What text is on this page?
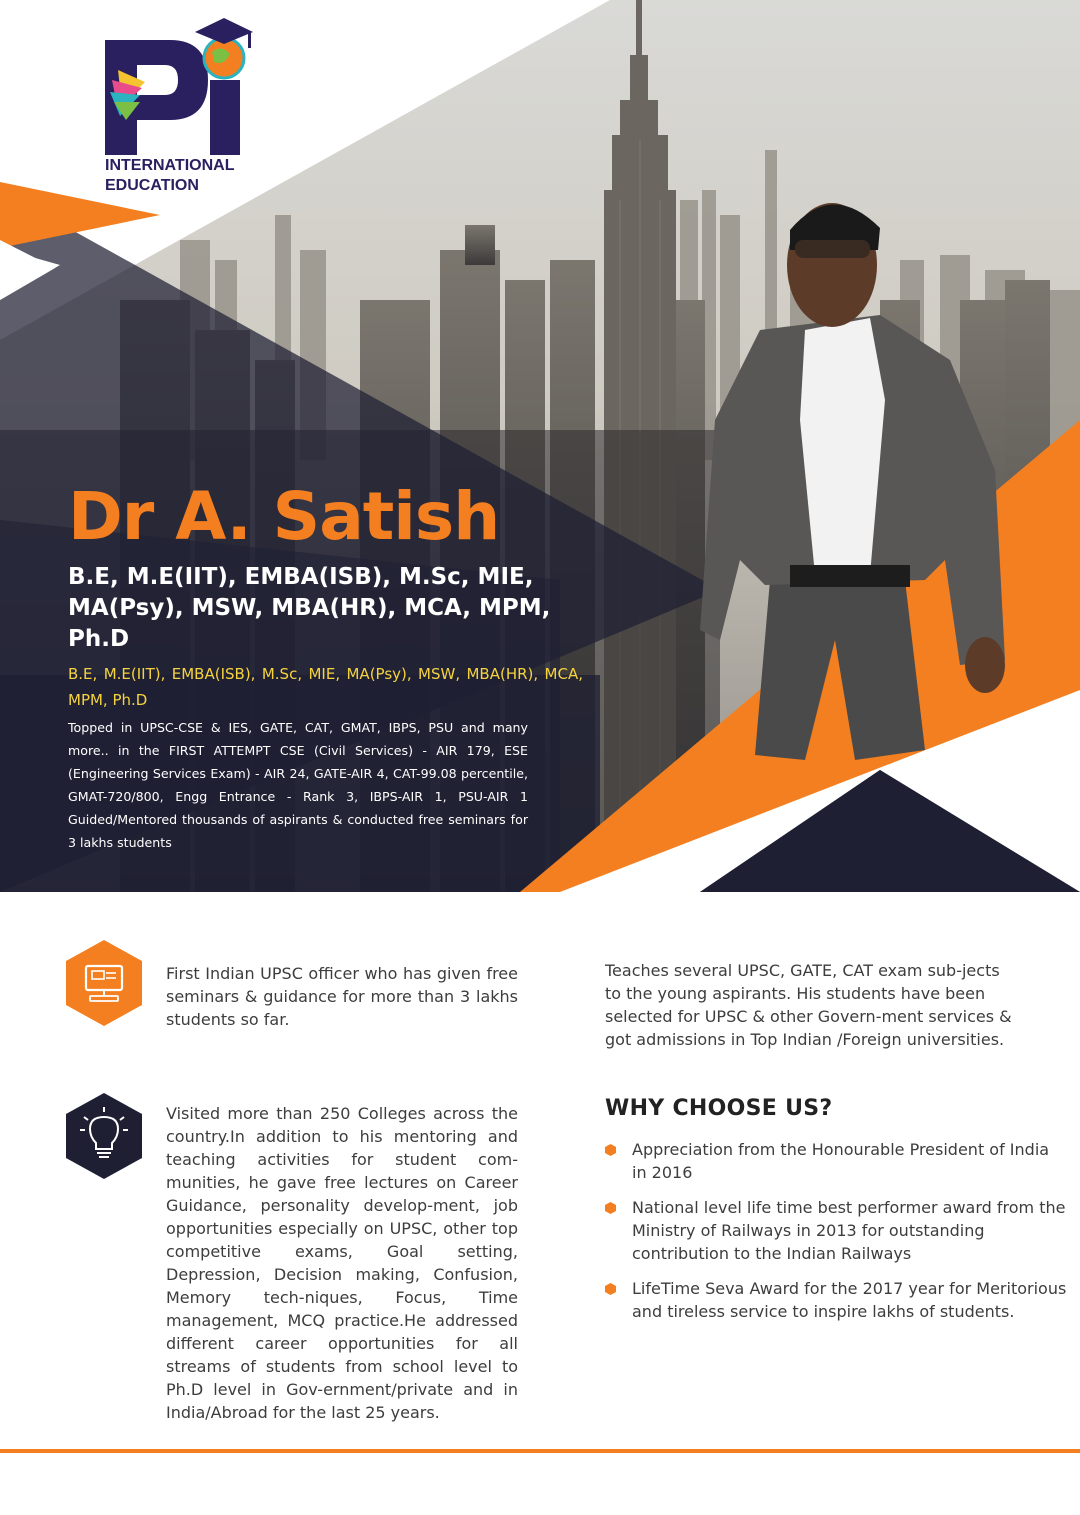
INTERNATIONAL
EDUCATION
Dr A. Satish
B.E, M.E(IIT), EMBA(ISB), M.Sc, MIE, MA(Psy), MSW, MBA(HR), MCA, MPM, Ph.D
B.E, M.E(IIT), EMBA(ISB), M.Sc, MIE, MA(Psy), MSW, MBA(HR), MCA, MPM, Ph.D
Topped in UPSC-CSE & IES, GATE, CAT, GMAT, IBPS, PSU and many more.. in the FIRST ATTEMPT CSE (Civil Services) - AIR 179, ESE (Engineering Services Exam) - AIR 24, GATE-AIR 4, CAT-99.08 percentile, GMAT-720/800, Engg Entrance - Rank 3, IBPS-AIR 1, PSU-AIR 1 Guided/Mentored thousands of aspirants & conducted free seminars for 3 lakhs students
First Indian UPSC officer who has given free seminars & guidance for more than 3 lakhs students so far.
Visited more than 250 Colleges across the country.In addition to his mentoring and teaching activities for student com-munities, he gave free lectures on Career Guidance, personality develop-ment, job opportunities especially on UPSC, other top competitive exams, Goal setting, Depression, Decision making, Confusion, Memory tech-niques, Focus, Time management, MCQ practice.He addressed different career opportunities for all streams of students from school level to Ph.D level in Gov-ernment/private and in India/Abroad for the last 25 years.
Teaches several UPSC, GATE, CAT exam sub-jects to the young aspirants. His students have been selected for UPSC & other Govern-ment services & got admissions in Top Indian /Foreign universities.
WHY CHOOSE US?
Appreciation from the Honourable President of India in 2016
National level life time best performer award from the Ministry of Railways in 2013 for outstanding contribution to the Indian Railways
LifeTime Seva Award for the 2017 year for Meritorious and tireless service to inspire lakhs of students.
